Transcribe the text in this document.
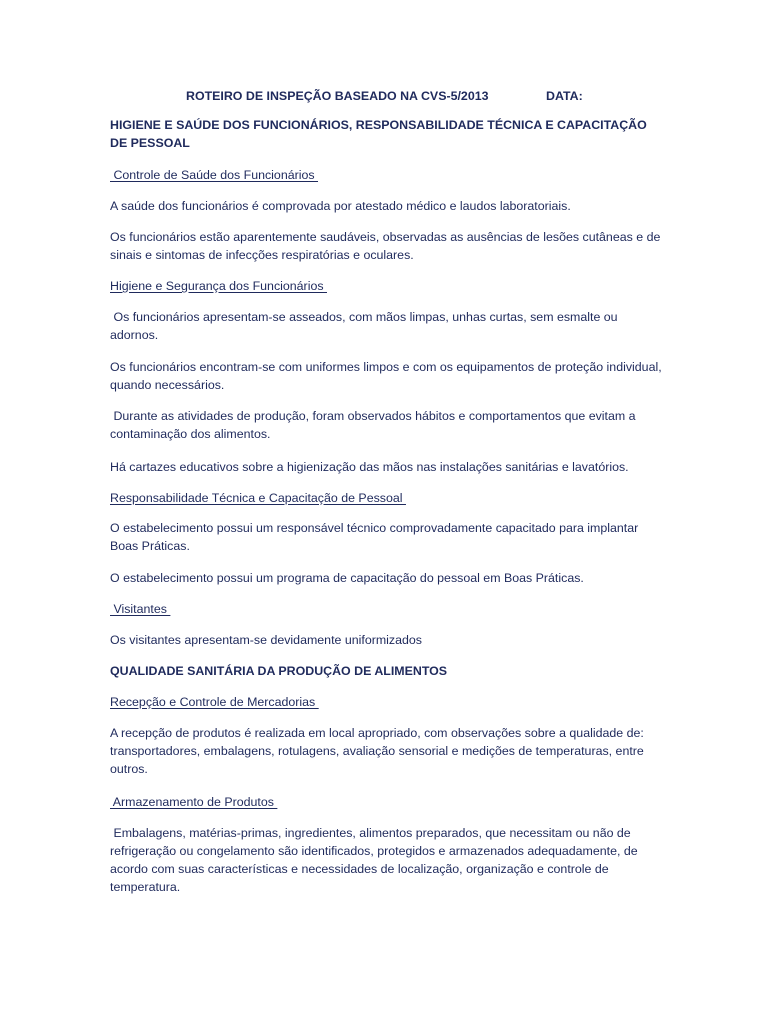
ROTEIRO DE INSPEÇÃO BASEADO NA CVS-5/2013	DATA:

HIGIENE E SAÚDE DOS FUNCIONÁRIOS, RESPONSABILIDADE TÉCNICA E CAPACITAÇÃO DE PESSOAL

Controle de Saúde dos Funcionários

A saúde dos funcionários é comprovada por atestado médico e laudos laboratoriais.

Os funcionários estão aparentemente saudáveis, observadas as ausências de lesões cutâneas e de sinais e sintomas de infecções respiratórias e oculares.

Higiene e Segurança dos Funcionários

Os funcionários apresentam-se asseados, com mãos limpas, unhas curtas, sem esmalte ou adornos.

Os funcionários encontram-se com uniformes limpos e com os equipamentos de proteção individual, quando necessários.

Durante as atividades de produção, foram observados hábitos e comportamentos que evitam a contaminação dos alimentos.

Há cartazes educativos sobre a higienização das mãos nas instalações sanitárias e lavatórios.

Responsabilidade Técnica e Capacitação de Pessoal

O estabelecimento possui um responsável técnico comprovadamente capacitado para implantar Boas Práticas.

O estabelecimento possui um programa de capacitação do pessoal em Boas Práticas.

Visitantes

Os visitantes apresentam-se devidamente uniformizados

QUALIDADE SANITÁRIA DA PRODUÇÃO DE ALIMENTOS

Recepção e Controle de Mercadorias

A recepção de produtos é realizada em local apropriado, com observações sobre a qualidade de: transportadores, embalagens, rotulagens, avaliação sensorial e medições de temperaturas, entre outros.

Armazenamento de Produtos

Embalagens, matérias-primas, ingredientes, alimentos preparados, que necessitam ou não de refrigeração ou congelamento são identificados, protegidos e armazenados adequadamente, de acordo com suas características e necessidades de localização, organização e controle de temperatura.
